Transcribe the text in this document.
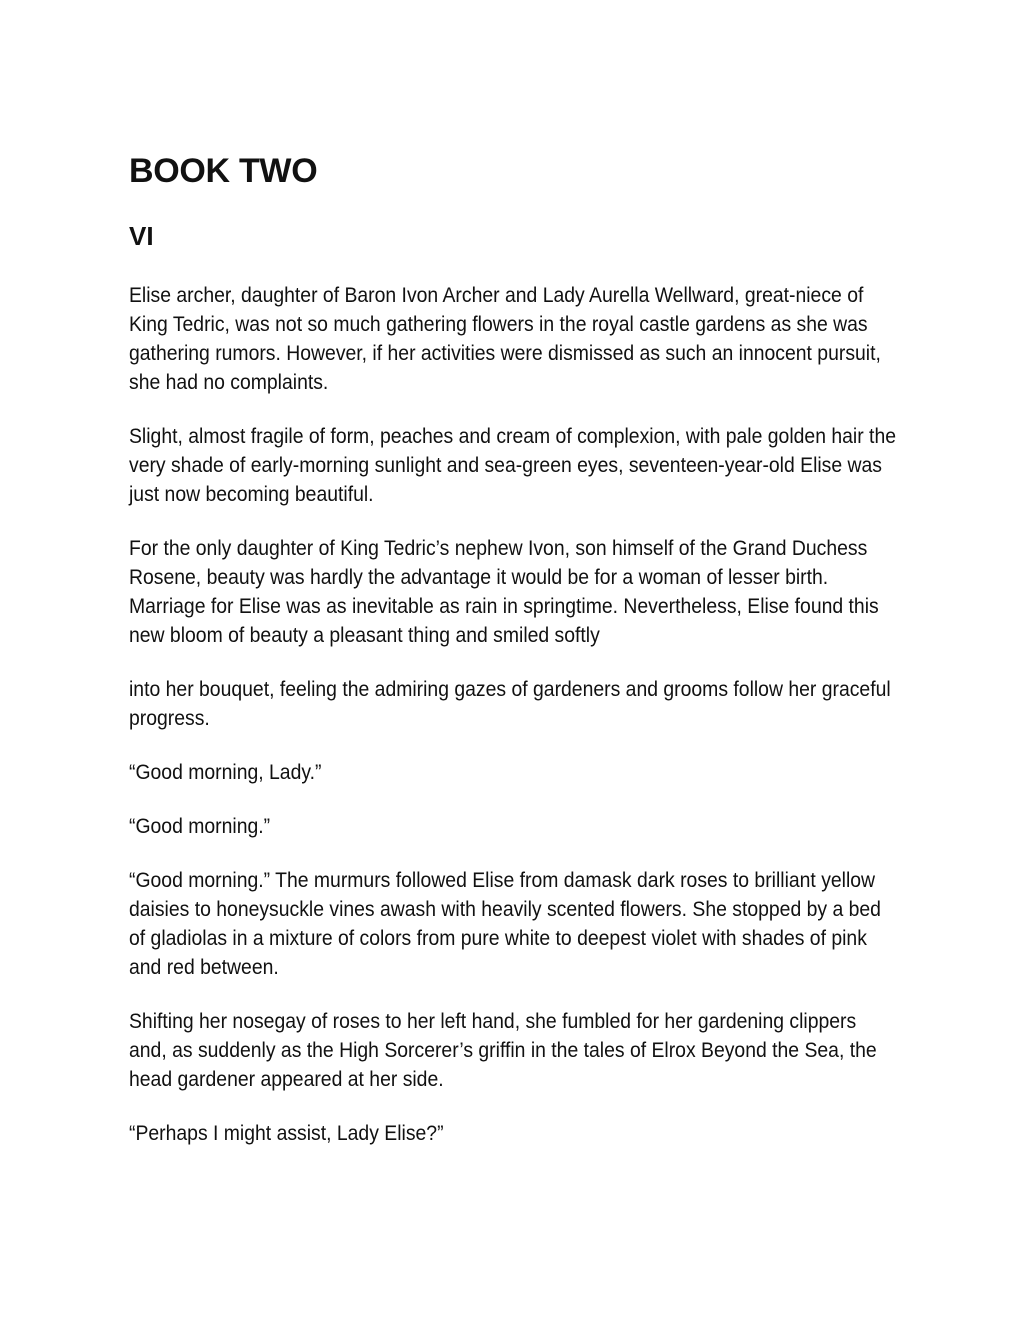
BOOK TWO
VI

Elise archer, daughter of Baron Ivon Archer and Lady Aurella Wellward, great-niece of King Tedric, was not so much gathering flowers in the royal castle gardens as she was gathering rumors. However, if her activities were dismissed as such an innocent pursuit, she had no complaints.

Slight, almost fragile of form, peaches and cream of complexion, with pale golden hair the very shade of early-morning sunlight and sea-green eyes, seventeen-year-old Elise was just now becoming beautiful.

For the only daughter of King Tedric’s nephew Ivon, son himself of the Grand Duchess Rosene, beauty was hardly the advantage it would be for a woman of lesser birth. Marriage for Elise was as inevitable as rain in springtime. Nevertheless, Elise found this new bloom of beauty a pleasant thing and smiled softly

into her bouquet, feeling the admiring gazes of gardeners and grooms follow her graceful progress.

“Good morning, Lady.”

“Good morning.”

“Good morning.” The murmurs followed Elise from damask dark roses to brilliant yellow daisies to honeysuckle vines awash with heavily scented flowers. She stopped by a bed of gladiolas in a mixture of colors from pure white to deepest violet with shades of pink and red between.

Shifting her nosegay of roses to her left hand, she fumbled for her gardening clippers and, as suddenly as the High Sorcerer’s griffin in the tales of Elrox Beyond the Sea, the head gardener appeared at her side.

“Perhaps I might assist, Lady Elise?”
